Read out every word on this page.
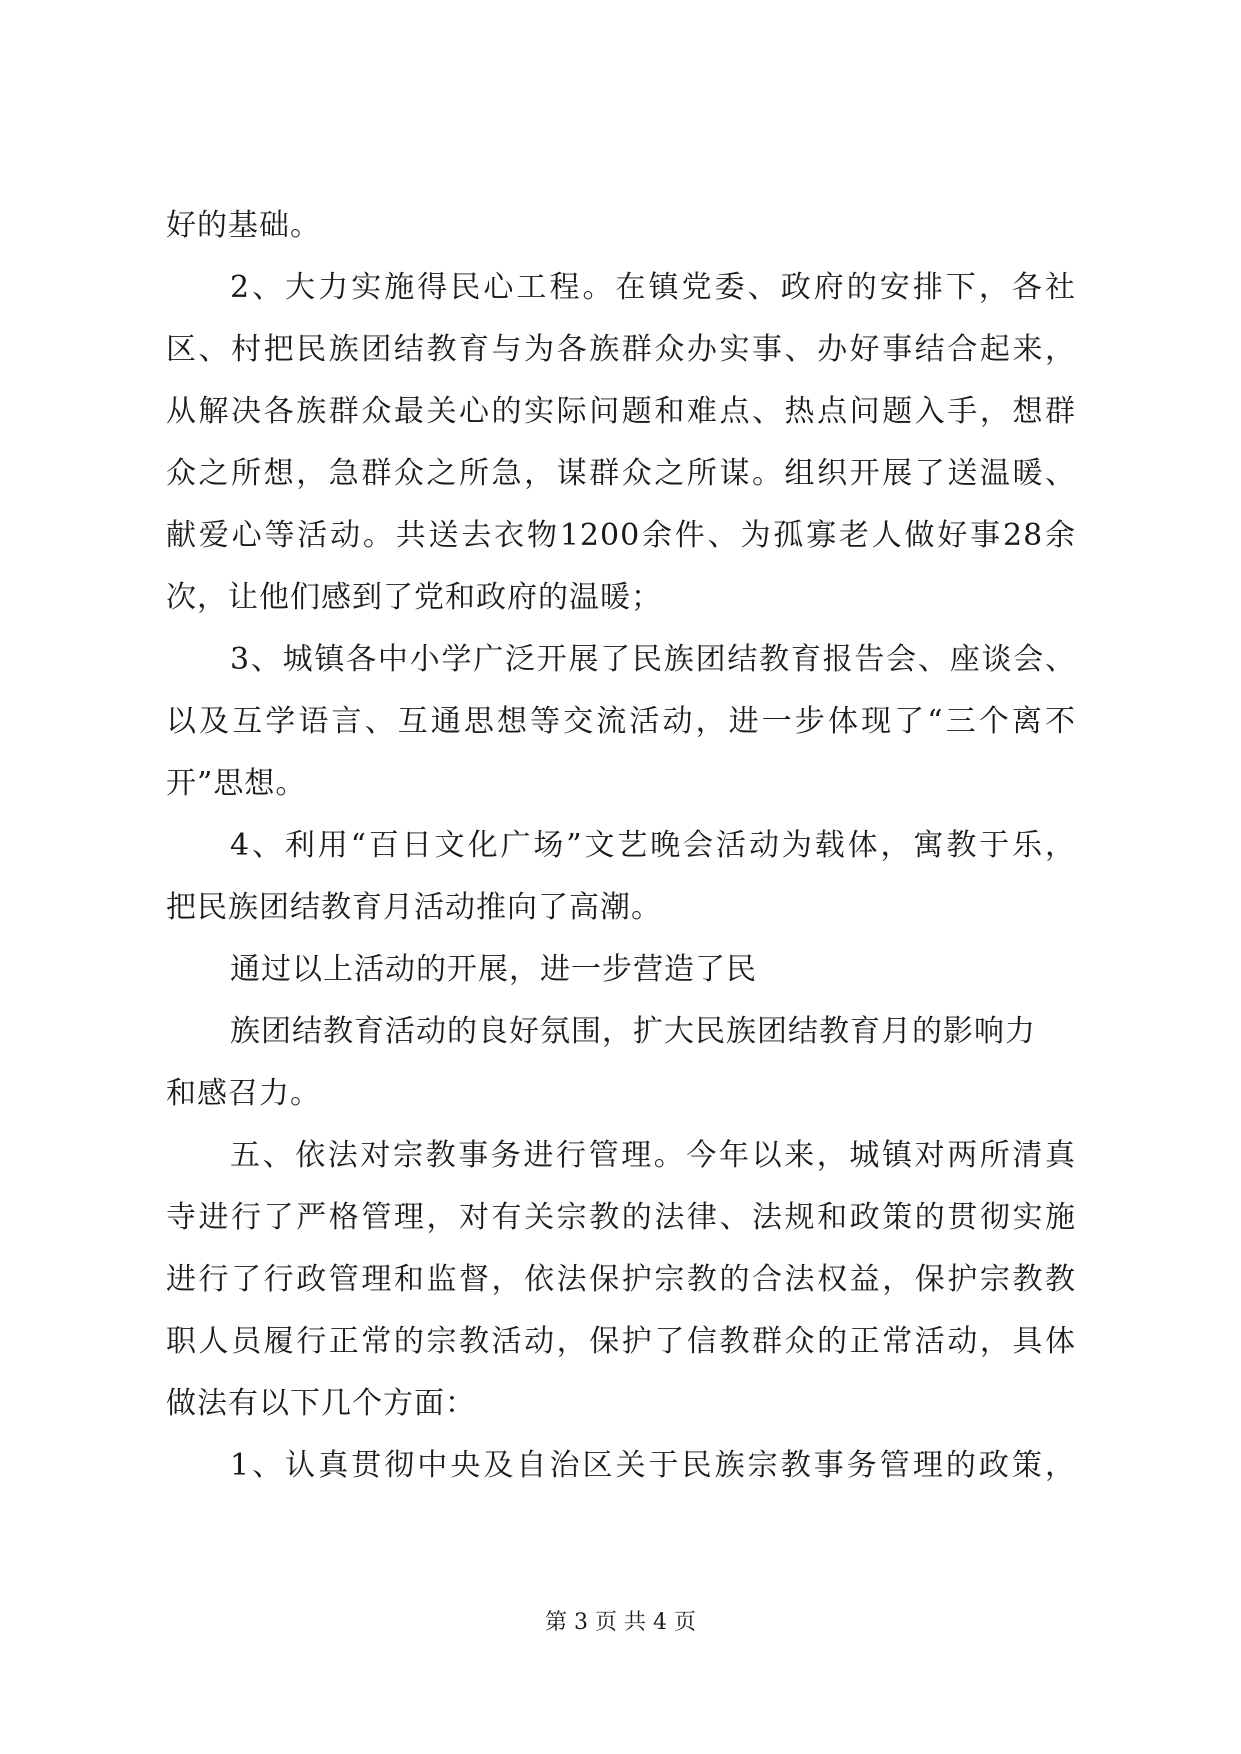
好的基础。
2、大力实施得民心工程。在镇党委、政府的安排下，各社
区、村把民族团结教育与为各族群众办实事、办好事结合起来，
从解决各族群众最关心的实际问题和难点、热点问题入手，想群
众之所想，急群众之所急，谋群众之所谋。组织开展了送温暖、
献爱心等活动。共送去衣物1200余件、为孤寡老人做好事28余
次，让他们感到了党和政府的温暖；
3、城镇各中小学广泛开展了民族团结教育报告会、座谈会、
以及互学语言、互通思想等交流活动，进一步体现了“三个离不
开”思想。
4、利用“百日文化广场”文艺晚会活动为载体，寓教于乐，
把民族团结教育月活动推向了高潮。
通过以上活动的开展，进一步营造了民
族团结教育活动的良好氛围，扩大民族团结教育月的影响力
和感召力。
五、依法对宗教事务进行管理。今年以来，城镇对两所清真
寺进行了严格管理，对有关宗教的法律、法规和政策的贯彻实施
进行了行政管理和监督，依法保护宗教的合法权益，保护宗教教
职人员履行正常的宗教活动，保护了信教群众的正常活动，具体
做法有以下几个方面：
1、认真贯彻中央及自治区关于民族宗教事务管理的政策，
第 3 页 共 4 页
